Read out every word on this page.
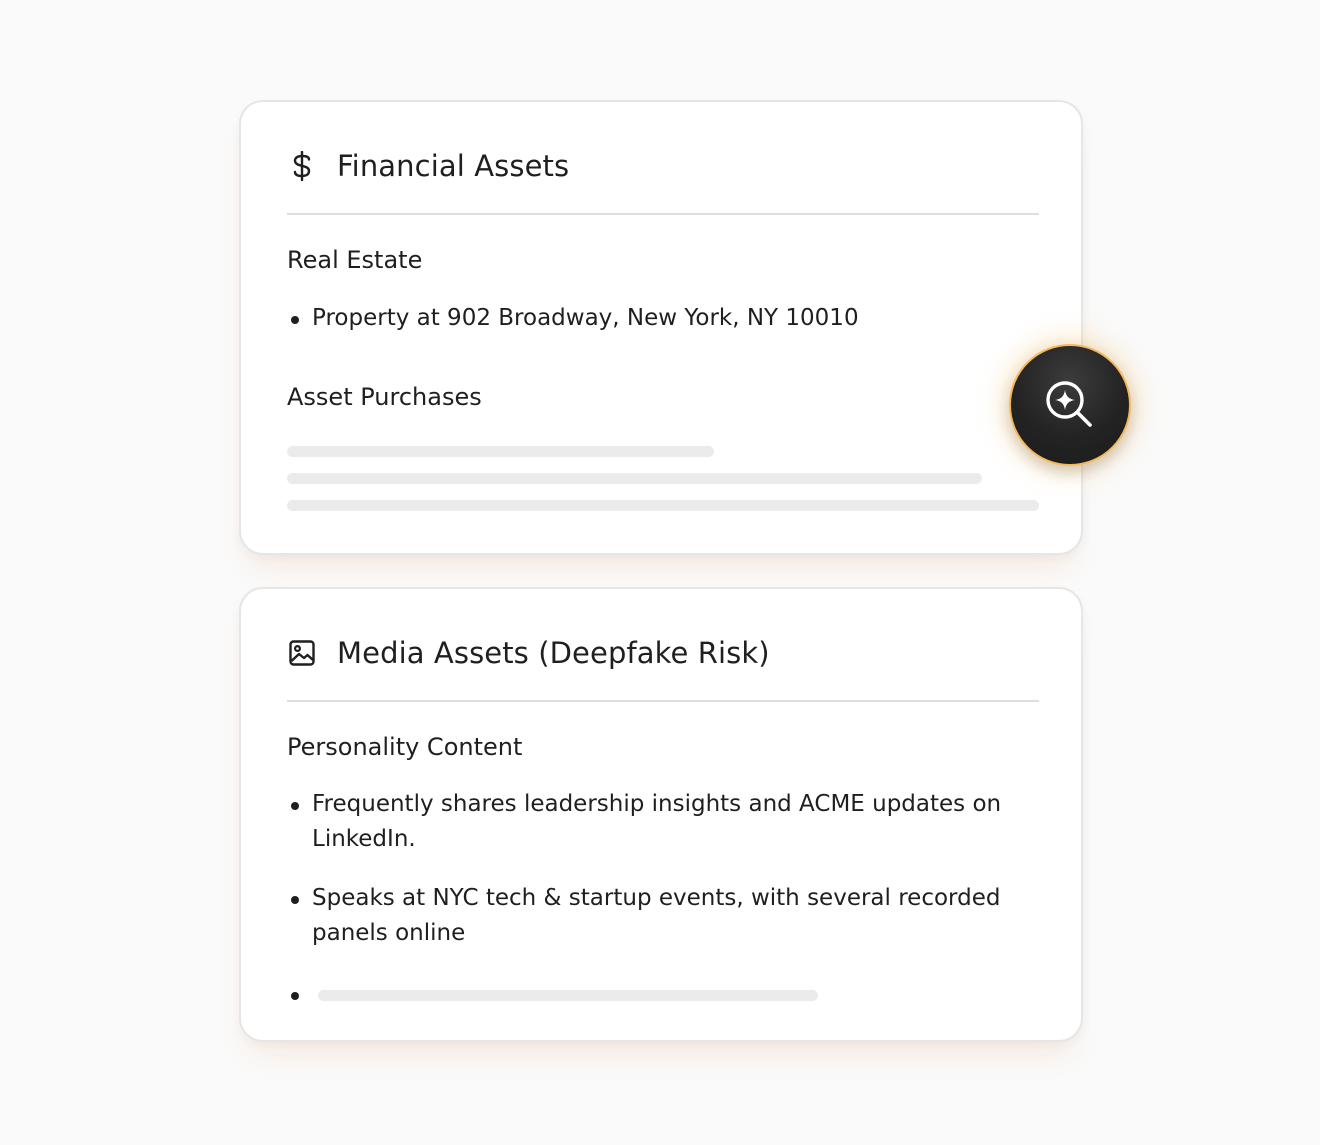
Financial Assets
Real Estate
Property at 902 Broadway, New York, NY 10010
Asset Purchases
Media Assets (Deepfake Risk)
Personality Content
Frequently shares leadership insights and ACME updates on LinkedIn.
Speaks at NYC tech & startup events, with several recorded panels online
